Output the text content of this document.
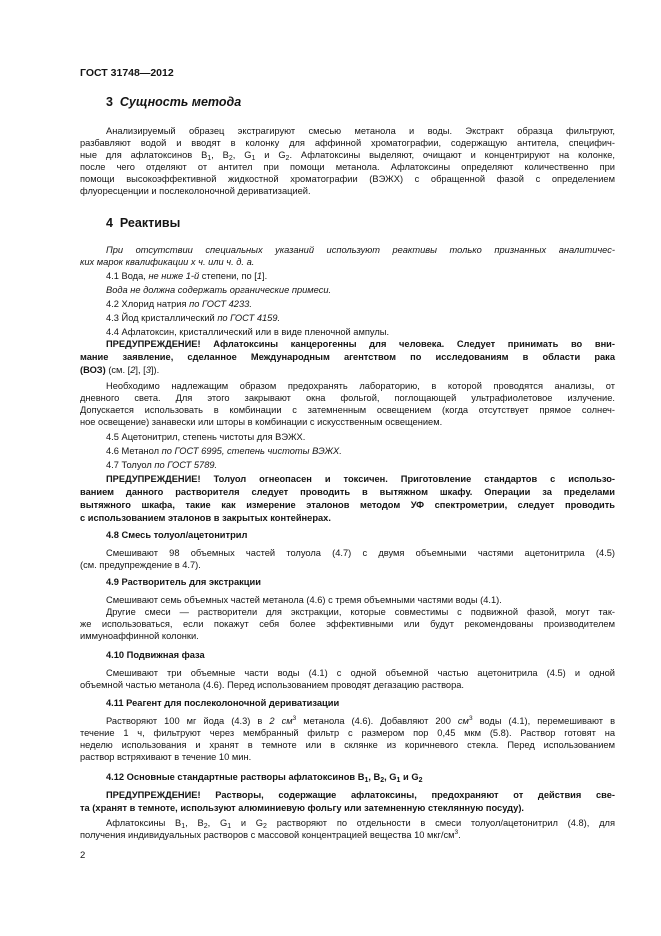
ГОСТ 31748—2012
3 Сущность метода
Анализируемый образец экстрагируют смесью метанола и воды. Экстракт образца фильтруют,
разбавляют водой и вводят в колонку для аффинной хроматографии, содержащую антитела, специфич-
ные для афлатоксинов $B_1$, $B_2$, $G_1$ и $G_2$. Афлатоксины выделяют, очищают и концентрируют на колонке,
после чего отделяют от антител при помощи метанола. Афлатоксины определяют количественно при
помощи высокоэффективной жидкостной хроматографии (ВЭЖХ) с обращенной фазой с определением
флуоресценции и послеколоночной дериватизацией.
4 Реактивы
При отсутствии специальных указаний используют реактивы только признанных аналитичес-
ких марок квалификации х ч. или ч. д. а.
4.1 Вода, не ниже 1-й степени, по [1].
Вода не должна содержать органические примеси.
4.2 Хлорид натрия по ГОСТ 4233.
4.3 Йод кристаллический по ГОСТ 4159.
4.4 Афлатоксин, кристаллический или в виде пленочной ампулы.
ПРЕДУПРЕЖДЕНИЕ! Афлатоксины канцерогенны для человека. Следует принимать во вни-
мание заявление, сделанное Международным агентством по исследованиям в области рака
(ВОЗ) (см. [2], [3]).
Необходимо надлежащим образом предохранять лабораторию, в которой проводятся анализы, от
дневного света. Для этого закрывают окна фольгой, поглощающей ультрафиолетовое излучение.
Допускается использовать в комбинации с затемненным освещением (когда отсутствует прямое солнеч-
ное освещение) занавески или шторы в комбинации с искусственным освещением.
4.5 Ацетонитрил, степень чистоты для ВЭЖХ.
4.6 Метанол по ГОСТ 6995, степень чистоты ВЭЖХ.
4.7 Толуол по ГОСТ 5789.
ПРЕДУПРЕЖДЕНИЕ! Толуол огнеопасен и токсичен. Приготовление стандартов с использо-
ванием данного растворителя следует проводить в вытяжном шкафу. Операции за пределами
вытяжного шкафа, такие как измерение эталонов методом УФ спектрометрии, следует проводить
с использованием эталонов в закрытых контейнерах.
4.8 Смесь толуол/ацетонитрил
Смешивают 98 объемных частей толуола (4.7) с двумя объемными частями ацетонитрила (4.5)
(см. предупреждение в 4.7).
4.9 Растворитель для экстракции
Смешивают семь объемных частей метанола (4.6) с тремя объемными частями воды (4.1).
Другие смеси — растворители для экстракции, которые совместимы с подвижной фазой, могут так-
же использоваться, если покажут себя более эффективными или будут рекомендованы производителем
иммуноаффинной колонки.
4.10 Подвижная фаза
Смешивают три объемные части воды (4.1) с одной объемной частью ацетонитрила (4.5) и одной
объемной частью метанола (4.6). Перед использованием проводят дегазацию раствора.
4.11 Реагент для послеколоночной дериватизации
Растворяют 100 мг йода (4.3) в 2 $см^3$ метанола (4.6). Добавляют 200 $см^3$ воды (4.1), перемешивают в
течение 1 ч, фильтруют через мембранный фильтр с размером пор 0,45 мкм (5.8). Раствор готовят на
неделю использования и хранят в темноте или в склянке из коричневого стекла. Перед использованием
раствор встряхивают в течение 10 мин.
4.12 Основные стандартные растворы афлатоксинов $B_1$, $B_2$, $G_1$ и $G_2$
ПРЕДУПРЕЖДЕНИЕ! Растворы, содержащие афлатоксины, предохраняют от действия све-
та (хранят в темноте, используют алюминиевую фольгу или затемненную стеклянную посуду).
Афлатоксины $B_1$, $B_2$, $G_1$ и $G_2$ растворяют по отдельности в смеси толуол/ацетонитрил (4.8), для
получения индивидуальных растворов с массовой концентрацией вещества 10 мкг/$см^3$.
2
